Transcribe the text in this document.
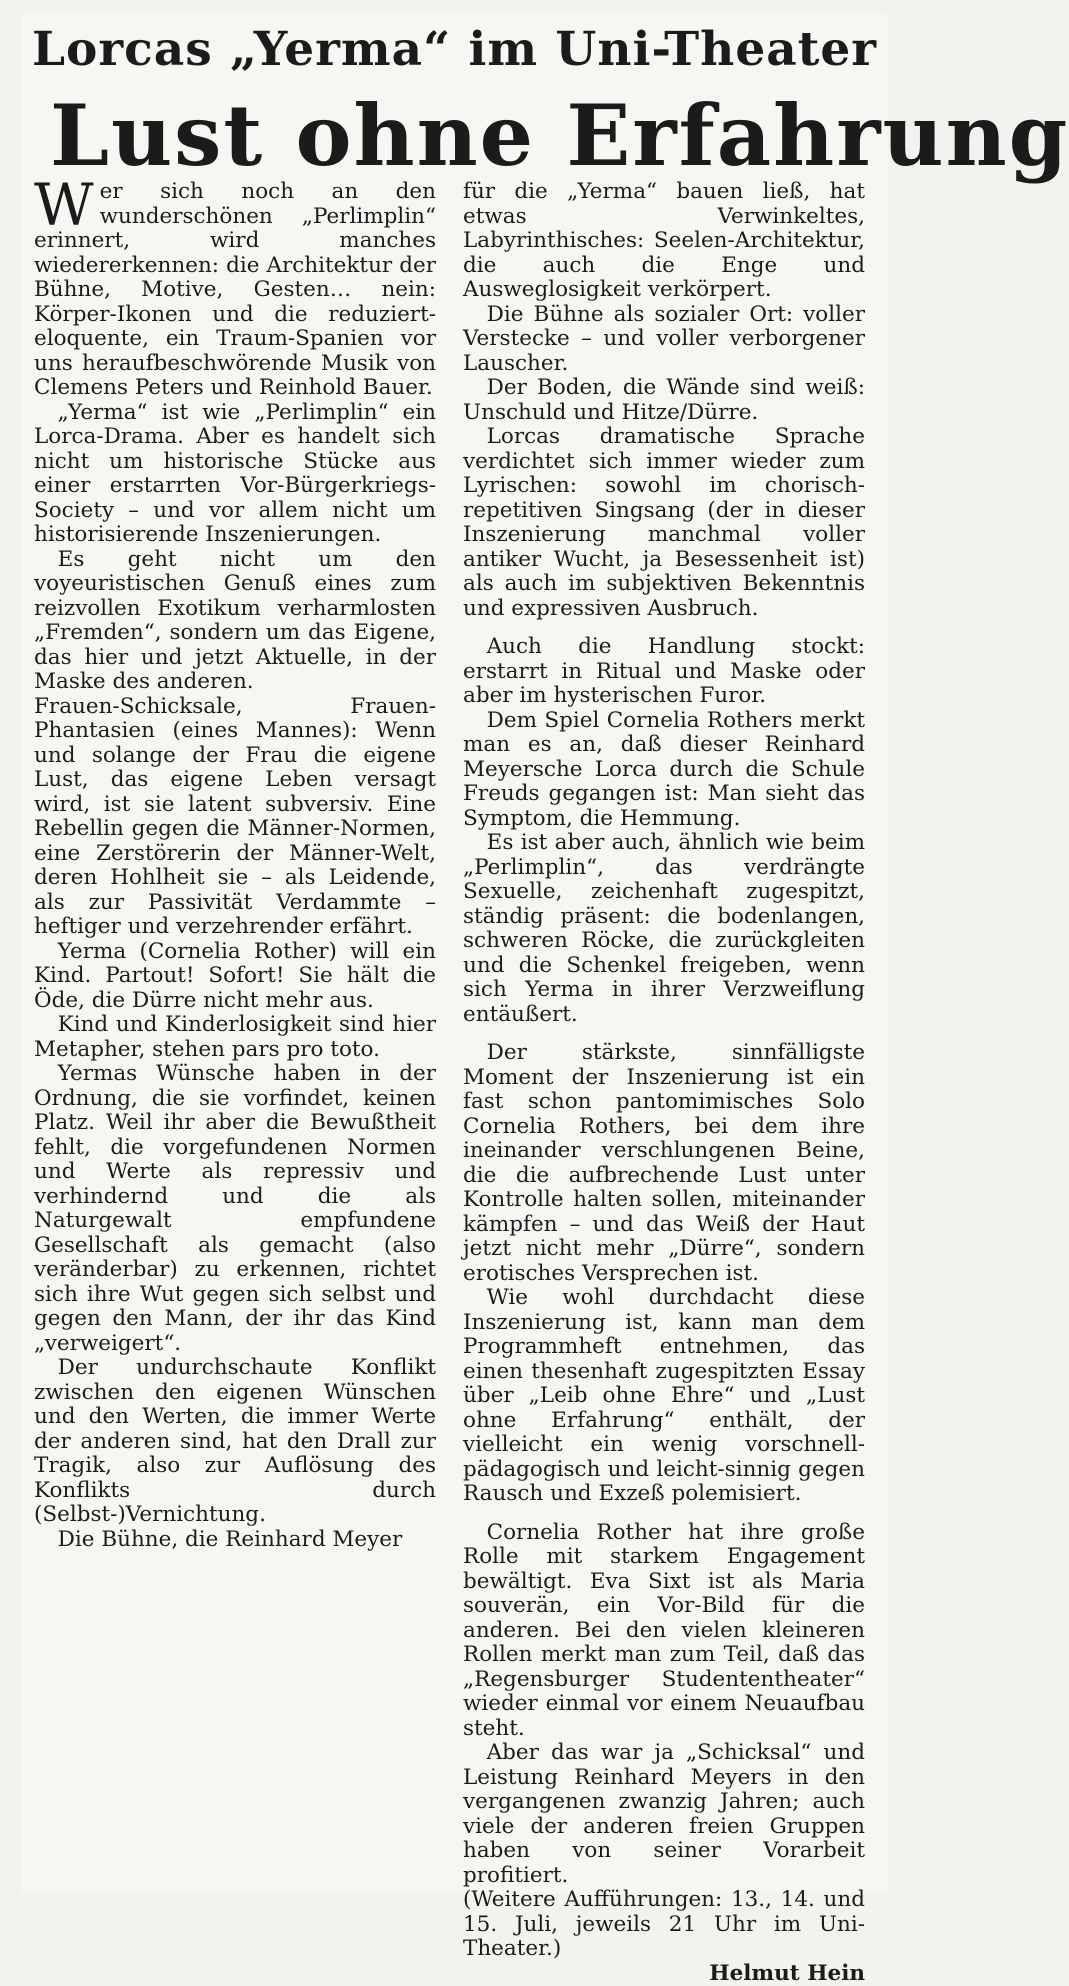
Lorcas „Yerma“ im Uni-Theater
Lust ohne Erfahrung

Wer sich noch an den wunderschönen „Perlimplin“ erinnert, wird manches wiedererkennen: die Architektur der Bühne, Motive, Gesten… nein: Körper-Ikonen und die reduziert-eloquente, ein Traum-Spanien vor uns heraufbeschwörende Musik von Clemens Peters und Reinhold Bauer.

„Yerma“ ist wie „Perlimplin“ ein Lorca-Drama. Aber es handelt sich nicht um historische Stücke aus einer erstarrten Vor-Bürgerkriegs-Society – und vor allem nicht um historisierende Inszenierungen.

Es geht nicht um den voyeuristischen Genuß eines zum reizvollen Exotikum verharmlosten „Fremden“, sondern um das Eigene, das hier und jetzt Aktuelle, in der Maske des anderen.

Frauen-Schicksale, Frauen-Phantasien (eines Mannes): Wenn und solange der Frau die eigene Lust, das eigene Leben versagt wird, ist sie latent subversiv. Eine Rebellin gegen die Männer-Normen, eine Zerstörerin der Männer-Welt, deren Hohlheit sie – als Leidende, als zur Passivität Verdammte – heftiger und verzehrender erfährt.

Yerma (Cornelia Rother) will ein Kind. Partout! Sofort! Sie hält die Öde, die Dürre nicht mehr aus.

Kind und Kinderlosigkeit sind hier Metapher, stehen pars pro toto.

Yermas Wünsche haben in der Ordnung, die sie vorfindet, keinen Platz. Weil ihr aber die Bewußtheit fehlt, die vorgefundenen Normen und Werte als repressiv und verhindernd und die als Naturgewalt empfundene Gesellschaft als gemacht (also veränderbar) zu erkennen, richtet sich ihre Wut gegen sich selbst und gegen den Mann, der ihr das Kind „verweigert“.

Der undurchschaute Konflikt zwischen den eigenen Wünschen und den Werten, die immer Werte der anderen sind, hat den Drall zur Tragik, also zur Auflösung des Konflikts durch (Selbst-)Vernichtung.

Die Bühne, die Reinhard Meyer

für die „Yerma“ bauen ließ, hat etwas Verwinkeltes, Labyrinthisches: Seelen-Architektur, die auch die Enge und Ausweglosigkeit verkörpert.

Die Bühne als sozialer Ort: voller Verstecke – und voller verborgener Lauscher.

Der Boden, die Wände sind weiß: Unschuld und Hitze/Dürre.

Lorcas dramatische Sprache verdichtet sich immer wieder zum Lyrischen: sowohl im chorisch-repetitiven Singsang (der in dieser Inszenierung manchmal voller antiker Wucht, ja Besessenheit ist) als auch im subjektiven Bekenntnis und expressiven Ausbruch.

Auch die Handlung stockt: erstarrt in Ritual und Maske oder aber im hysterischen Furor.

Dem Spiel Cornelia Rothers merkt man es an, daß dieser Reinhard Meyersche Lorca durch die Schule Freuds gegangen ist: Man sieht das Symptom, die Hemmung.

Es ist aber auch, ähnlich wie beim „Perlimplin“, das verdrängte Sexuelle, zeichenhaft zugespitzt, ständig präsent: die bodenlangen, schweren Röcke, die zurückgleiten und die Schenkel freigeben, wenn sich Yerma in ihrer Verzweiflung entäußert.

Der stärkste, sinnfälligste Moment der Inszenierung ist ein fast schon pantomimisches Solo Cornelia Rothers, bei dem ihre ineinander verschlungenen Beine, die die aufbrechende Lust unter Kontrolle halten sollen, miteinander kämpfen – und das Weiß der Haut jetzt nicht mehr „Dürre“, sondern erotisches Versprechen ist.

Wie wohl durchdacht diese Inszenierung ist, kann man dem Programmheft entnehmen, das einen thesenhaft zugespitzten Essay über „Leib ohne Ehre“ und „Lust ohne Erfahrung“ enthält, der vielleicht ein wenig vorschnell-pädagogisch und leicht-sinnig gegen Rausch und Exzeß polemisiert.

Cornelia Rother hat ihre große Rolle mit starkem Engagement bewältigt. Eva Sixt ist als Maria souverän, ein Vor-Bild für die anderen. Bei den vielen kleineren Rollen merkt man zum Teil, daß das „Regensburger Studententheater“ wieder einmal vor einem Neuaufbau steht.

Aber das war ja „Schicksal“ und Leistung Reinhard Meyers in den vergangenen zwanzig Jahren; auch viele der anderen freien Gruppen haben von seiner Vorarbeit profitiert.

(Weitere Aufführungen: 13., 14. und 15. Juli, jeweils 21 Uhr im Uni-Theater.)

Helmut Hein
